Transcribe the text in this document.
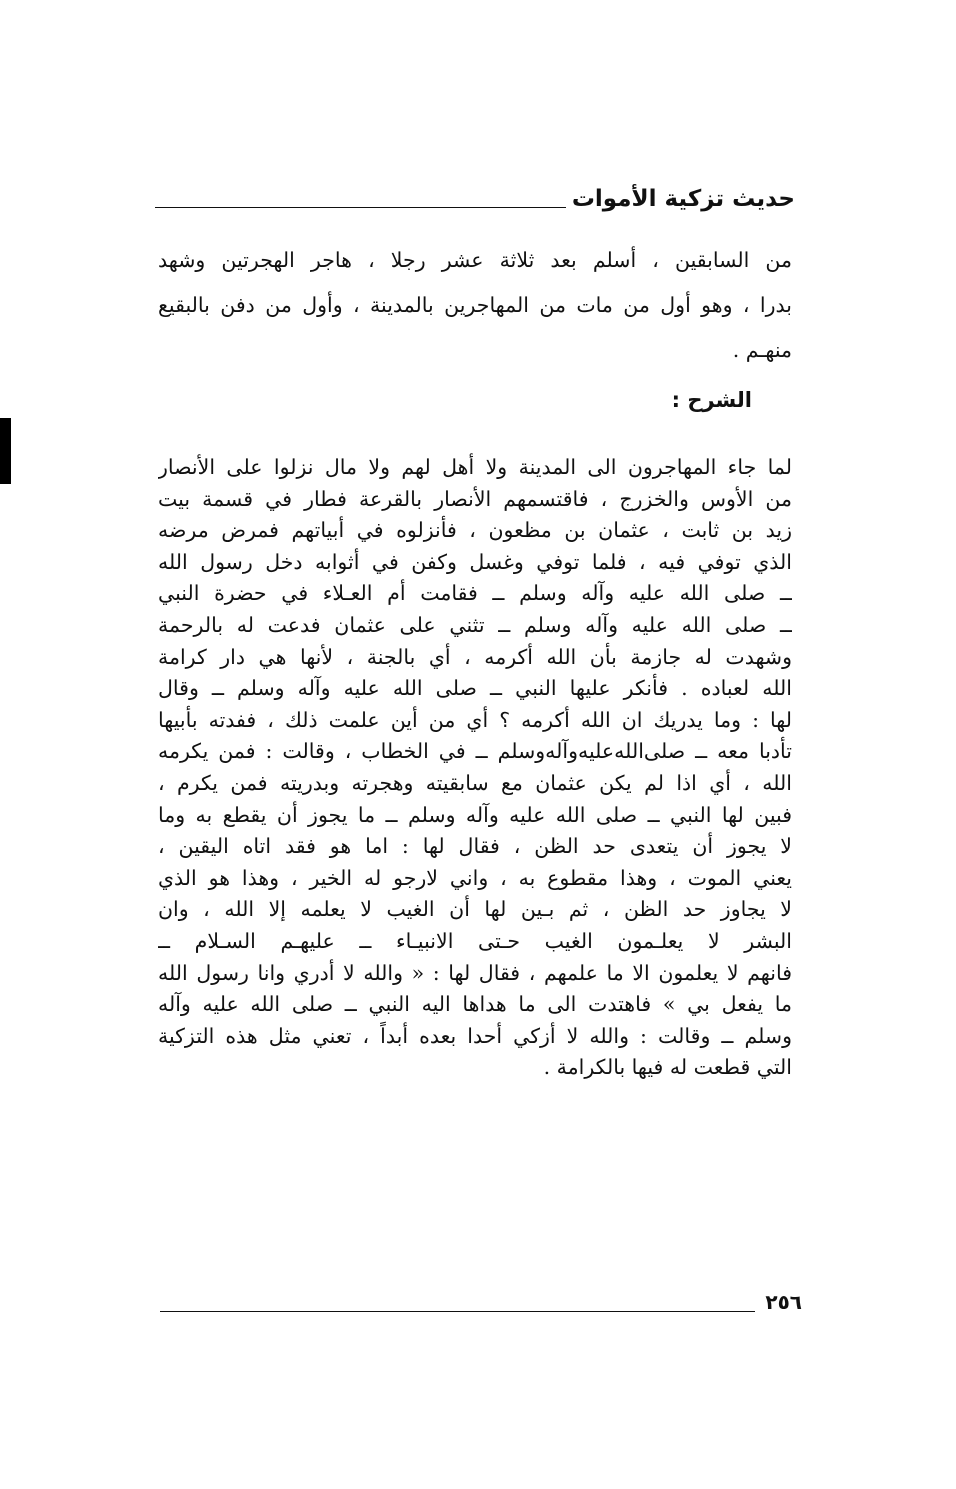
حديث تزكية الأموات
من السابقين ، أسلم بعد ثلاثة عشر رجلا ، هاجر الهجرتين وشهد
بدرا ، وهو أول من مات من المهاجرين بالمدينة ، وأول من دفن بالبقيع
منهـم .
الشرح :
لما جاء المهاجرون الى المدينة ولا أهل لهم ولا مال نزلوا على الأنصار
من الأوس والخزرج ، فاقتسمهم الأنصار بالقرعة فطار في قسمة بيت
زيد بن ثابت ، عثمان بن مظعون ، فأنزلوه في أبياتهم فمرض مرضه
الذي توفي فيه ، فلما توفي وغسل وكفن في أثوابه دخل رسول الله
ــ صلى الله عليه وآله وسلم ــ فقامت أم العـلاء في حضرة النبي
ــ صلى الله عليه وآله وسلم ــ تثني على عثمان فدعت له بالرحمة
وشهدت له جازمة بأن الله أكرمه ، أي بالجنة ، لأنها هي دار كرامة
الله لعباده . فأنكر عليها النبي ــ صلى الله عليه وآله وسلم ــ وقال
لها : وما يدريك ان الله أكرمه ؟ أي من أين علمت ذلك ، ففدته بأبيها
تأدبا معه ــ صلى‌الله‌عليه‌وآله‌وسلم ــ في الخطاب ، وقالت : فمن يكرمه
الله ، أي اذا لم يكن عثمان مع سابقيته وهجرته وبدريته فمن يكرم ،
فبين لها النبي ــ صلى الله عليه وآله وسلم ــ ما يجوز أن يقطع به وما
لا يجوز أن يتعدى حد الظن ، فقال لها : اما هو فقد اتاه اليقين ،
يعني الموت ، وهذا مقطوع به ، واني لارجو له الخير ، وهذا هو الذي
لا يجاوز حد الظن ، ثم بـين لها أن الغيب لا يعلمه إلا الله ، وان
البشر لا يعلـمون الغيب حـتى الانبيـاء ــ عليهـم السـلام ــ
فانهم لا يعلمون الا ما علمهم ، فقال لها : « والله لا أدري وانا رسول الله
ما يفعل بي » فاهتدت الى ما هداها اليه النبي ــ صلى الله عليه وآله
وسلم ــ وقالت : والله لا أزكي أحدا بعده أبداً ، تعني مثل هذه التزكية
التي قطعت له فيها بالكرامة .
٢٥٦
